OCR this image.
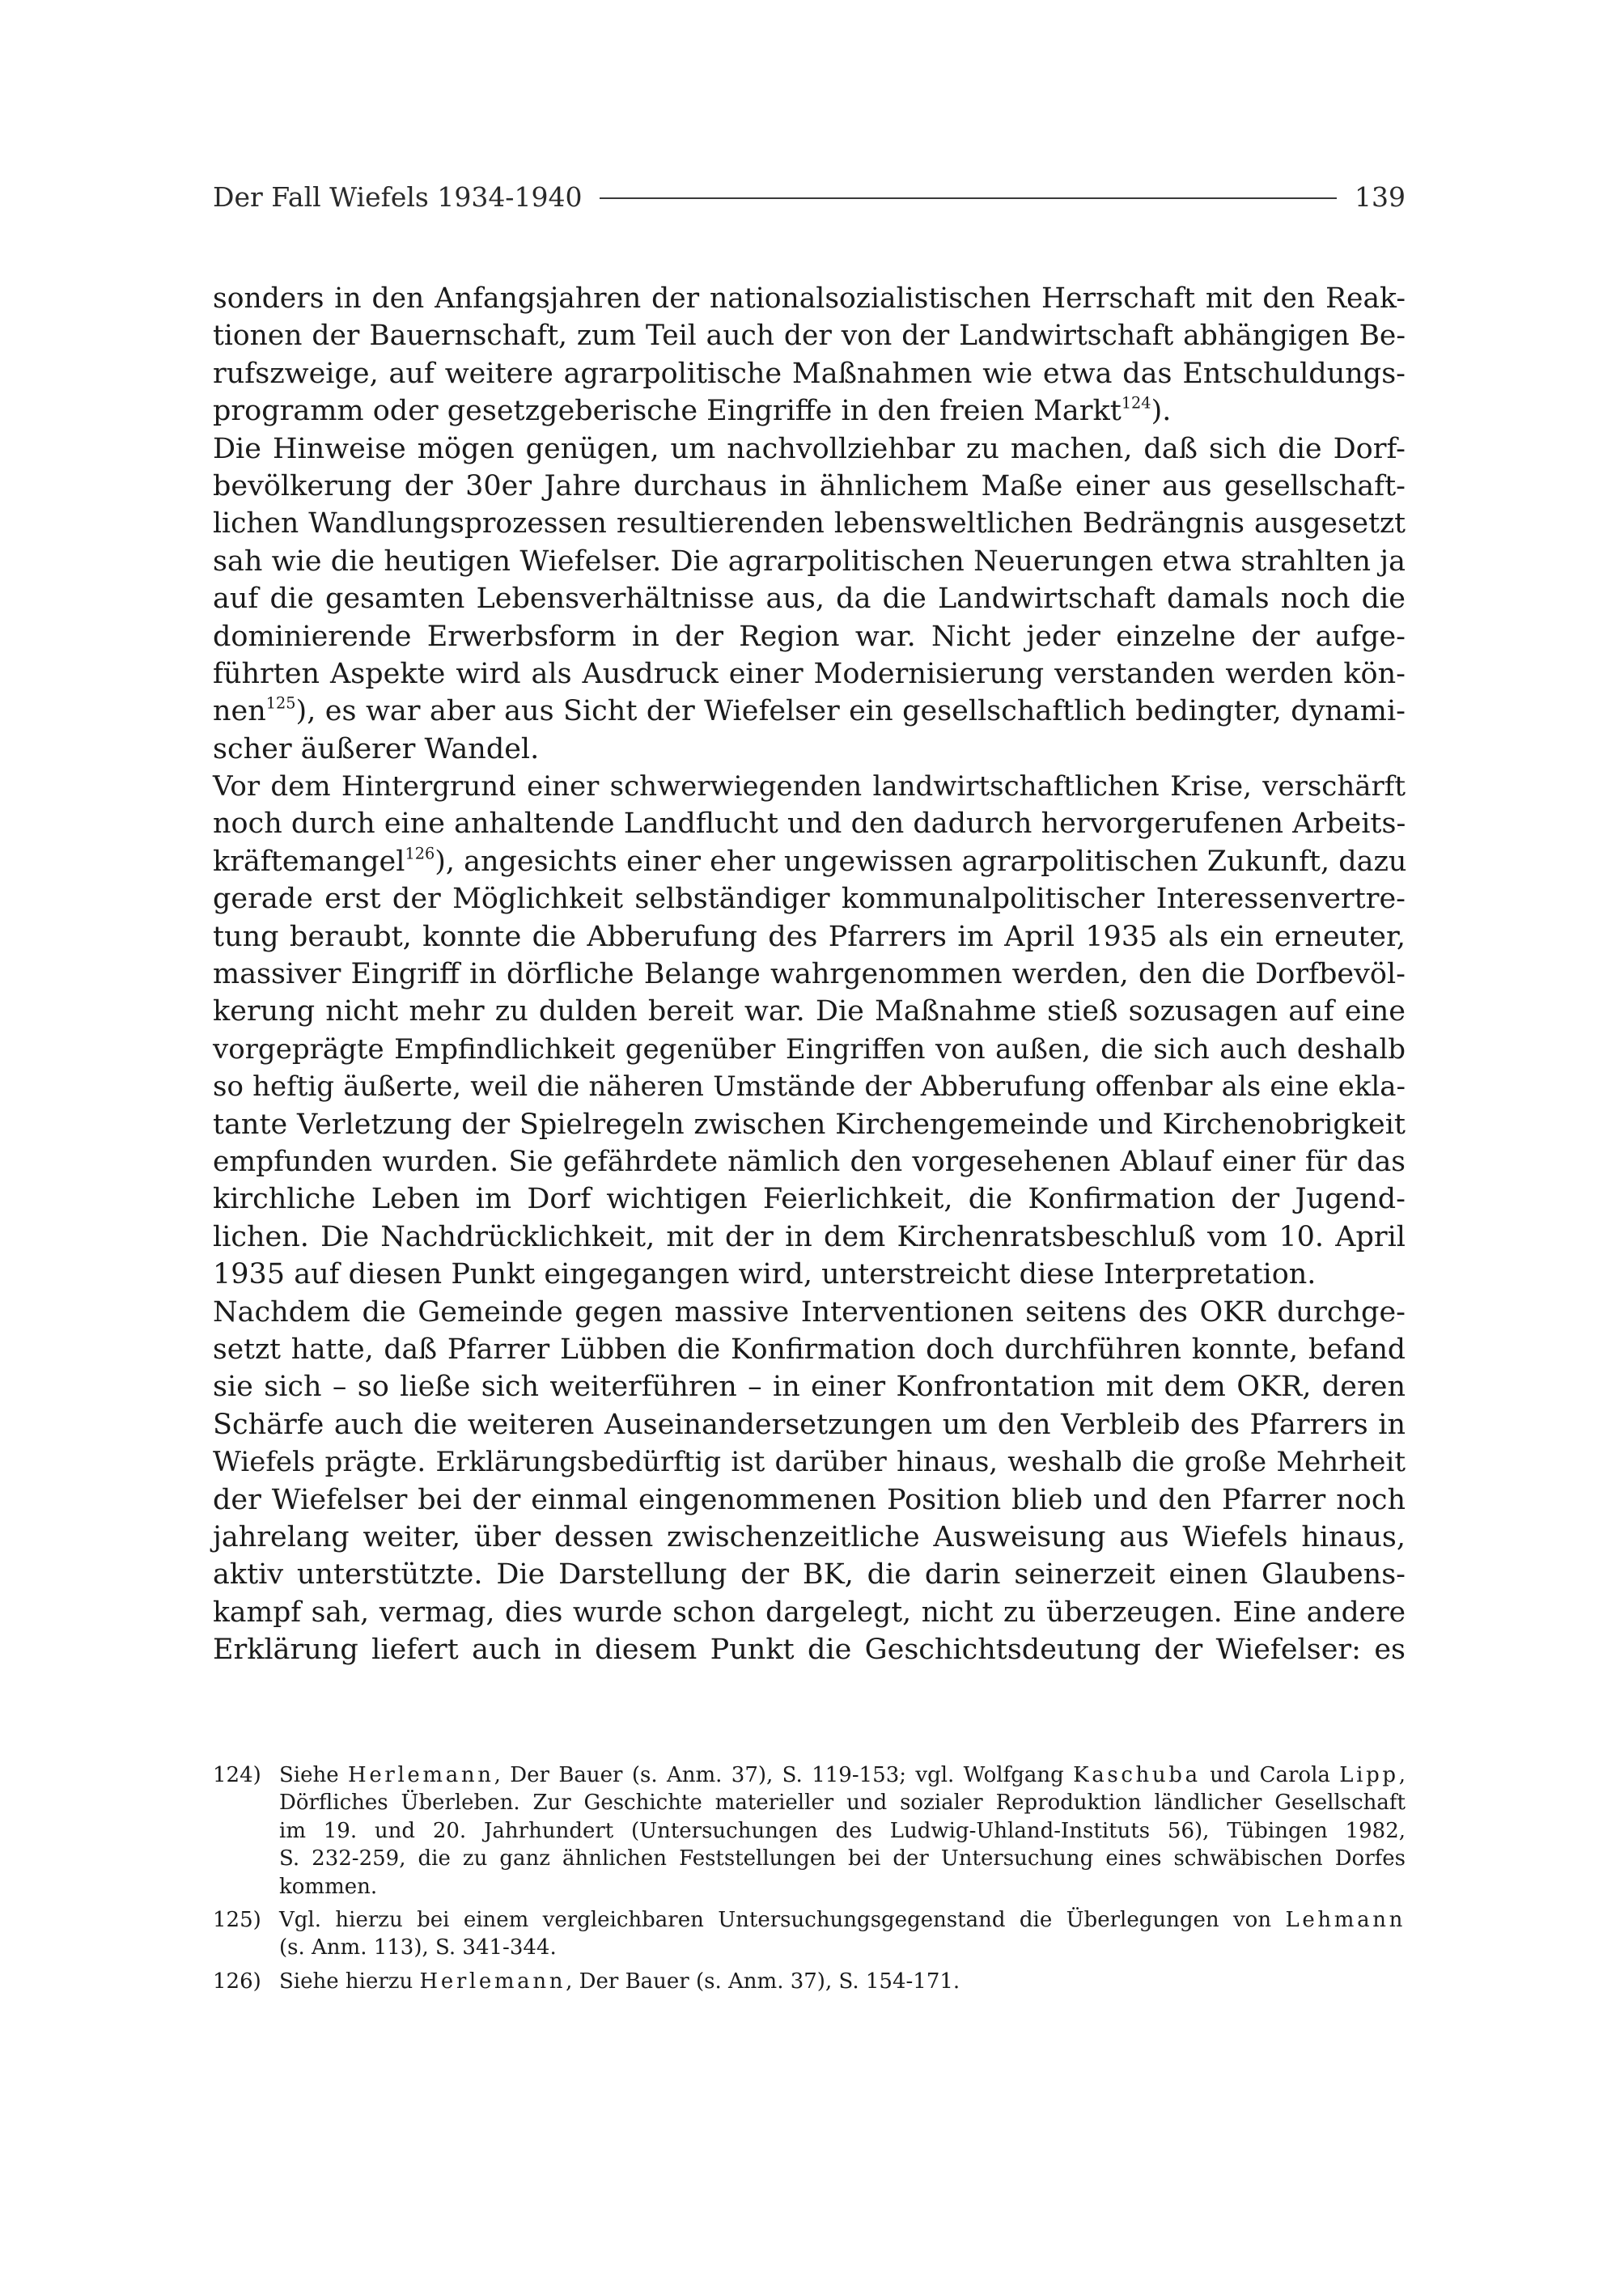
Der Fall Wiefels 1934-1940	139
sonders in den Anfangsjahren der nationalsozialistischen Herrschaft mit den Reak-
tionen der Bauernschaft, zum Teil auch der von der Landwirtschaft abhängigen Be-
rufszweige, auf weitere agrarpolitische Maßnahmen wie etwa das Entschuldungs-
programm oder gesetzgeberische Eingriffe in den freien Markt$^{124}$).
Die Hinweise mögen genügen, um nachvollziehbar zu machen, daß sich die Dorf-
bevölkerung der 30er Jahre durchaus in ähnlichem Maße einer aus gesellschaft-
lichen Wandlungsprozessen resultierenden lebensweltlichen Bedrängnis ausgesetzt
sah wie die heutigen Wiefelser. Die agrarpolitischen Neuerungen etwa strahlten ja
auf die gesamten Lebensverhältnisse aus, da die Landwirtschaft damals noch die
dominierende Erwerbsform in der Region war. Nicht jeder einzelne der aufge-
führten Aspekte wird als Ausdruck einer Modernisierung verstanden werden kön-
nen$^{125}$), es war aber aus Sicht der Wiefelser ein gesellschaftlich bedingter, dynami-
scher äußerer Wandel.
Vor dem Hintergrund einer schwerwiegenden landwirtschaftlichen Krise, verschärft
noch durch eine anhaltende Landflucht und den dadurch hervorgerufenen Arbeits-
kräftemangel$^{126}$), angesichts einer eher ungewissen agrarpolitischen Zukunft, dazu
gerade erst der Möglichkeit selbständiger kommunalpolitischer Interessenvertre-
tung beraubt, konnte die Abberufung des Pfarrers im April 1935 als ein erneuter,
massiver Eingriff in dörfliche Belange wahrgenommen werden, den die Dorfbevöl-
kerung nicht mehr zu dulden bereit war. Die Maßnahme stieß sozusagen auf eine
vorgeprägte Empfindlichkeit gegenüber Eingriffen von außen, die sich auch deshalb
so heftig äußerte, weil die näheren Umstände der Abberufung offenbar als eine ekla-
tante Verletzung der Spielregeln zwischen Kirchengemeinde und Kirchenobrigkeit
empfunden wurden. Sie gefährdete nämlich den vorgesehenen Ablauf einer für das
kirchliche Leben im Dorf wichtigen Feierlichkeit, die Konfirmation der Jugend-
lichen. Die Nachdrücklichkeit, mit der in dem Kirchenratsbeschluß vom 10. April
1935 auf diesen Punkt eingegangen wird, unterstreicht diese Interpretation.
Nachdem die Gemeinde gegen massive Interventionen seitens des OKR durchge-
setzt hatte, daß Pfarrer Lübben die Konfirmation doch durchführen konnte, befand
sie sich – so ließe sich weiterführen – in einer Konfrontation mit dem OKR, deren
Schärfe auch die weiteren Auseinandersetzungen um den Verbleib des Pfarrers in
Wiefels prägte. Erklärungsbedürftig ist darüber hinaus, weshalb die große Mehrheit
der Wiefelser bei der einmal eingenommenen Position blieb und den Pfarrer noch
jahrelang weiter, über dessen zwischenzeitliche Ausweisung aus Wiefels hinaus,
aktiv unterstützte. Die Darstellung der BK, die darin seinerzeit einen Glaubens-
kampf sah, vermag, dies wurde schon dargelegt, nicht zu überzeugen. Eine andere
Erklärung liefert auch in diesem Punkt die Geschichtsdeutung der Wiefelser: es
124) Siehe Herlemann, Der Bauer (s. Anm. 37), S. 119-153; vgl. Wolfgang Kaschuba und Carola Lipp,
Dörfliches Überleben. Zur Geschichte materieller und sozialer Reproduktion ländlicher Gesellschaft
im 19. und 20. Jahrhundert (Untersuchungen des Ludwig-Uhland-Instituts 56), Tübingen 1982,
S. 232-259, die zu ganz ähnlichen Feststellungen bei der Untersuchung eines schwäbischen Dorfes
kommen.
125) Vgl. hierzu bei einem vergleichbaren Untersuchungsgegenstand die Überlegungen von Lehmann
(s. Anm. 113), S. 341-344.
126) Siehe hierzu Herlemann, Der Bauer (s. Anm. 37), S. 154-171.
